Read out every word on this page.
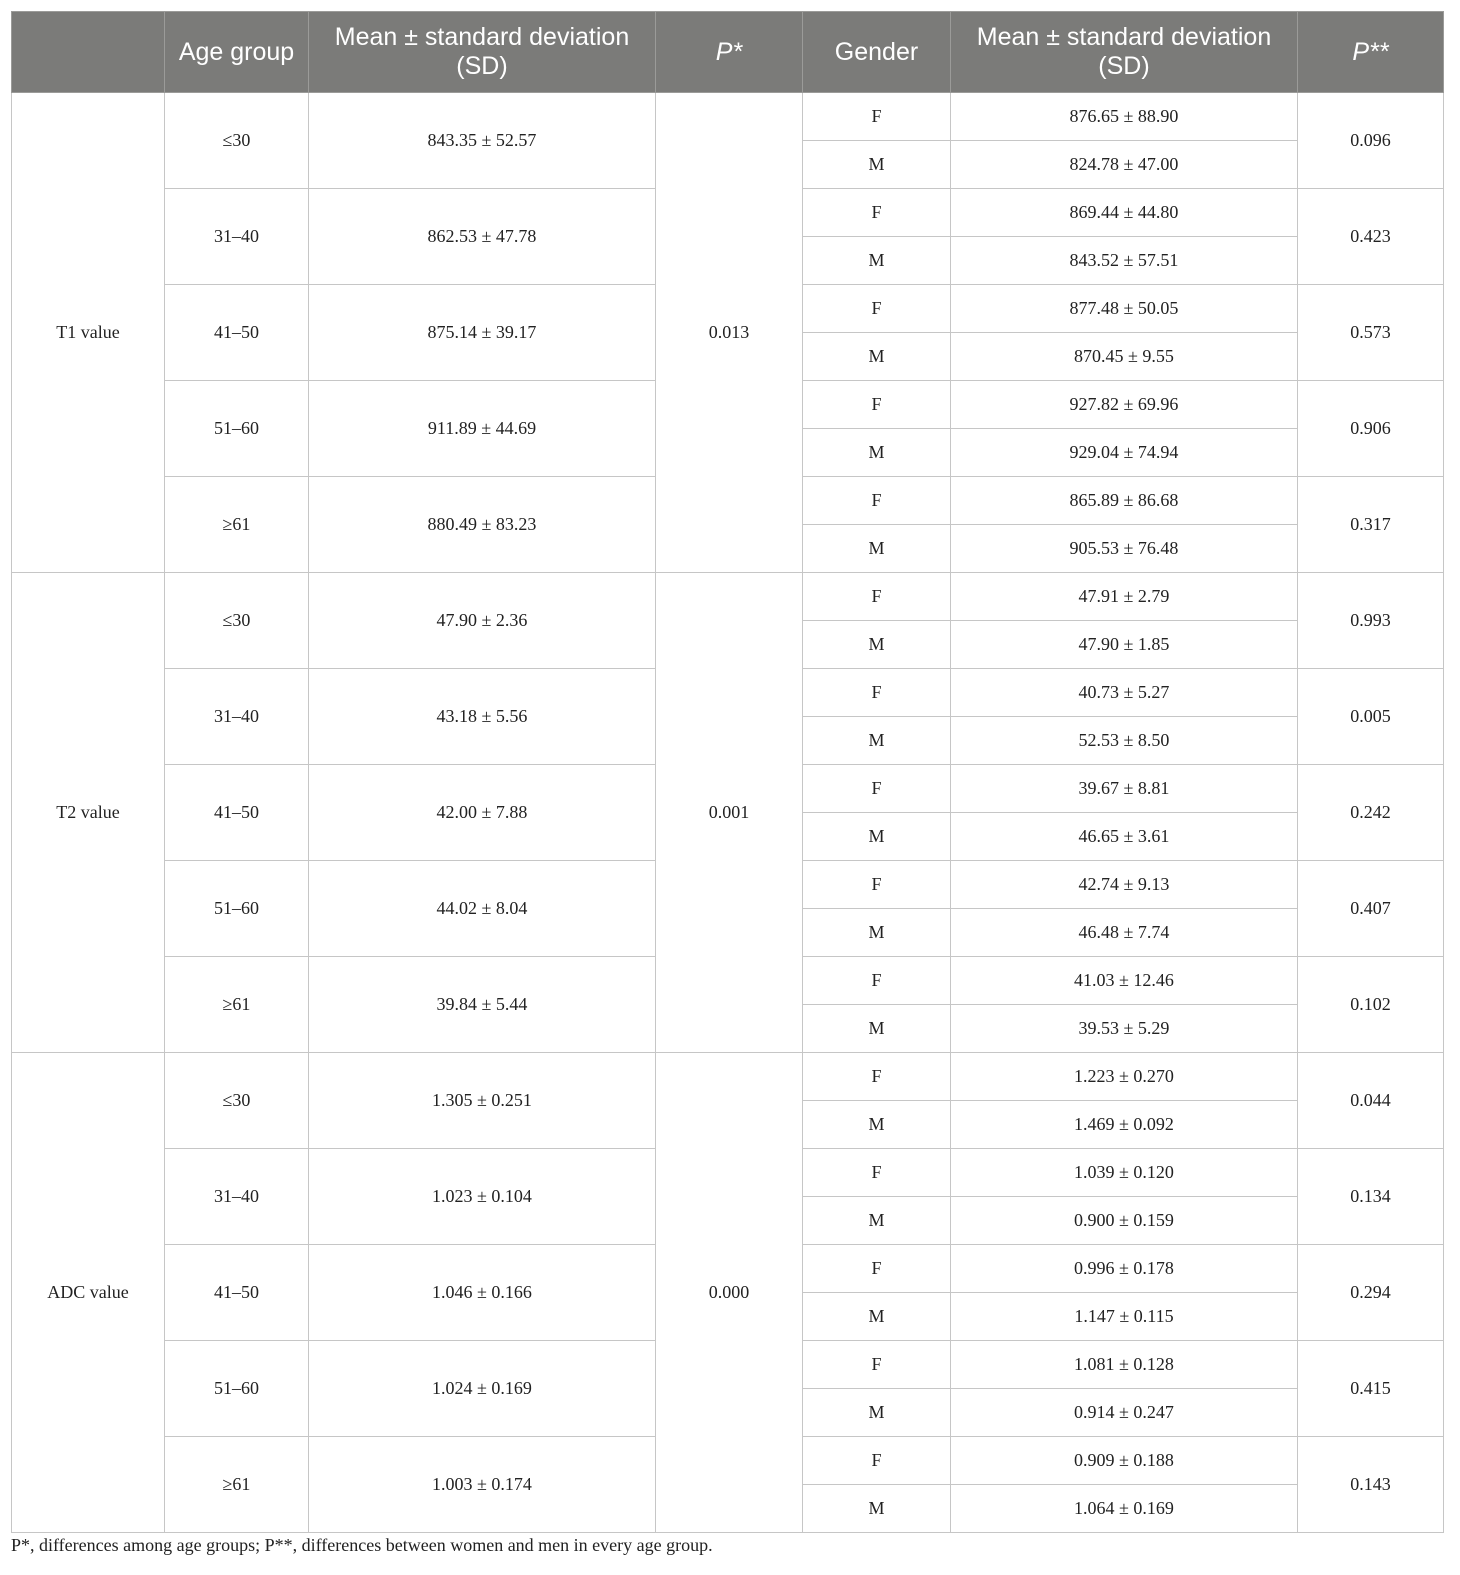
	Age group	Mean ± standard deviation (SD)	P*	Gender	Mean ± standard deviation (SD)	P**
T1 value	≤30	843.35 ± 52.57	0.013	F	876.65 ± 88.90	0.096
				M	824.78 ± 47.00	
	31–40	862.53 ± 47.78		F	869.44 ± 44.80	0.423
				M	843.52 ± 57.51	
	41–50	875.14 ± 39.17		F	877.48 ± 50.05	0.573
				M	870.45 ± 9.55	
	51–60	911.89 ± 44.69		F	927.82 ± 69.96	0.906
				M	929.04 ± 74.94	
	≥61	880.49 ± 83.23		F	865.89 ± 86.68	0.317
				M	905.53 ± 76.48	
T2 value	≤30	47.90 ± 2.36	0.001	F	47.91 ± 2.79	0.993
				M	47.90 ± 1.85	
	31–40	43.18 ± 5.56		F	40.73 ± 5.27	0.005
				M	52.53 ± 8.50	
	41–50	42.00 ± 7.88		F	39.67 ± 8.81	0.242
				M	46.65 ± 3.61	
	51–60	44.02 ± 8.04		F	42.74 ± 9.13	0.407
				M	46.48 ± 7.74	
	≥61	39.84 ± 5.44		F	41.03 ± 12.46	0.102
				M	39.53 ± 5.29	
ADC value	≤30	1.305 ± 0.251	0.000	F	1.223 ± 0.270	0.044
				M	1.469 ± 0.092	
	31–40	1.023 ± 0.104		F	1.039 ± 0.120	0.134
				M	0.900 ± 0.159	
	41–50	1.046 ± 0.166		F	0.996 ± 0.178	0.294
				M	1.147 ± 0.115	
	51–60	1.024 ± 0.169		F	1.081 ± 0.128	0.415
				M	0.914 ± 0.247	
	≥61	1.003 ± 0.174		F	0.909 ± 0.188	0.143
				M	1.064 ± 0.169	
P*, differences among age groups; P**, differences between women and men in every age group.
